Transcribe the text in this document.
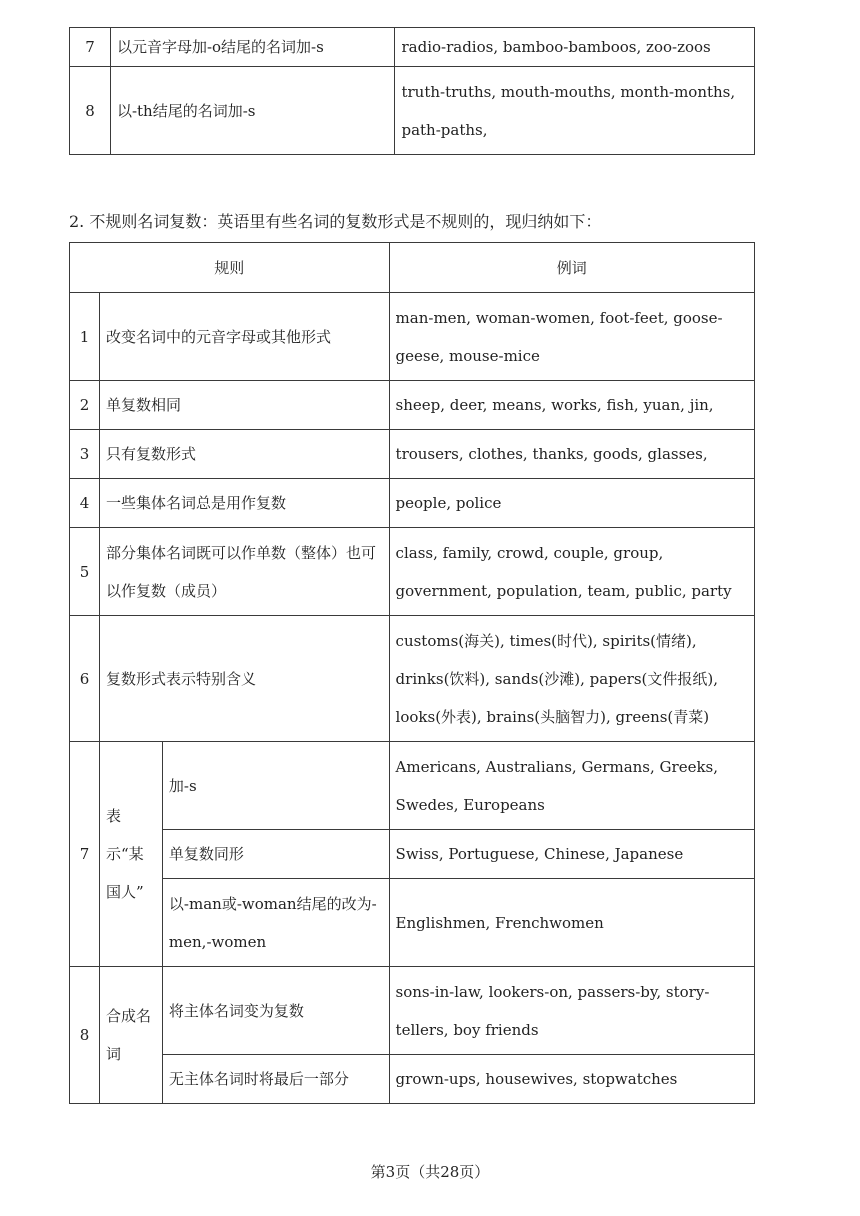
7	以元音字母加-o结尾的名词加-s	radio-radios, bamboo-bamboos, zoo-zoos
8	以-th结尾的名词加-s	truth-truths, mouth-mouths, month-months, path-paths,
2. 不规则名词复数：英语里有些名词的复数形式是不规则的，现归纳如下：
规则			例词
1	改变名词中的元音字母或其他形式		man-men, woman-women, foot-feet, goose-geese, mouse-mice
2	单复数相同		sheep, deer, means, works, fish, yuan, jin,
3	只有复数形式		trousers, clothes, thanks, goods, glasses,
4	一些集体名词总是用作复数		people, police
5	部分集体名词既可以作单数（整体）也可以作复数（成员）		class, family, crowd, couple, group, government, population, team, public, party
6	复数形式表示特别含义		customs(海关), times(时代), spirits(情绪), drinks(饮料), sands(沙滩), papers(文件报纸), looks(外表), brains(头脑智力), greens(青菜)
7	表示“某国人”	加-s	Americans, Australians, Germans, Greeks, Swedes, Europeans
		单复数同形	Swiss, Portuguese, Chinese, Japanese
		以-man或-woman结尾的改为-men,-women	Englishmen, Frenchwomen
8	合成名词	将主体名词变为复数	sons-in-law, lookers-on, passers-by, story-tellers, boy friends
		无主体名词时将最后一部分	grown-ups, housewives, stopwatches
第3页（共28页）
